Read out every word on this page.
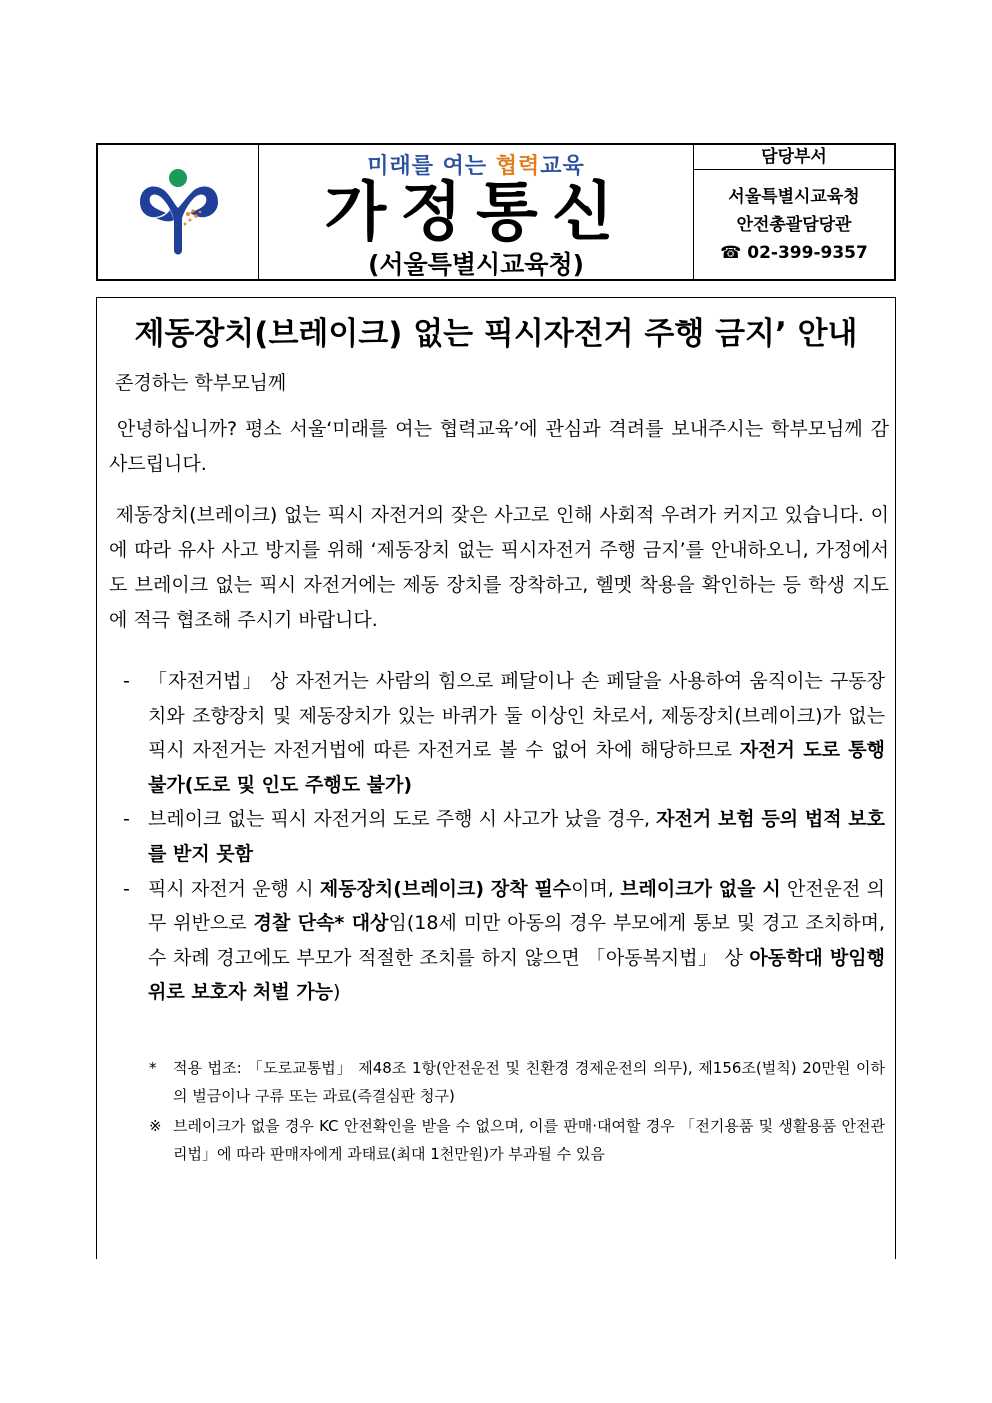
미래를 여는 협력교육
가정통신
(서울특별시교육청)
담당부서
서울특별시교육청
안전총괄담당관
☎ 02-399-9357
제동장치(브레이크) 없는 픽시자전거 주행 금지’ 안내
존경하는 학부모님께
안녕하십니까? 평소 서울‘미래를 여는 협력교육’에 관심과 격려를 보내주시는 학부모님께 감사드립니다.
제동장치(브레이크) 없는 픽시 자전거의 잦은 사고로 인해 사회적 우려가 커지고 있습니다. 이에 따라 유사 사고 방지를 위해 ‘제동장치 없는 픽시자전거 주행 금지’를 안내하오니, 가정에서도 브레이크 없는 픽시 자전거에는 제동 장치를 장착하고, 헬멧 착용을 확인하는 등 학생 지도에 적극 협조해 주시기 바랍니다.
- 「자전거법」 상 자전거는 사람의 힘으로 페달이나 손 페달을 사용하여 움직이는 구동장치와 조향장치 및 제동장치가 있는 바퀴가 둘 이상인 차로서, 제동장치(브레이크)가 없는 픽시 자전거는 자전거법에 따른 자전거로 볼 수 없어 차에 해당하므로 자전거 도로 통행 불가(도로 및 인도 주행도 불가)
- 브레이크 없는 픽시 자전거의 도로 주행 시 사고가 났을 경우, 자전거 보험 등의 법적 보호를 받지 못함
- 픽시 자전거 운행 시 제동장치(브레이크) 장착 필수이며, 브레이크가 없을 시 안전운전 의무 위반으로 경찰 단속* 대상임(18세 미만 아동의 경우 부모에게 통보 및 경고 조치하며, 수 차례 경고에도 부모가 적절한 조치를 하지 않으면 「아동복지법」 상 아동학대 방임행위로 보호자 처벌 가능)
* 적용 법조: 「도로교통법」 제48조 1항(안전운전 및 친환경 경제운전의 의무), 제156조(벌칙) 20만원 이하의 벌금이나 구류 또는 과료(즉결심판 청구)
※ 브레이크가 없을 경우 KC 안전확인을 받을 수 없으며, 이를 판매·대여할 경우 「전기용품 및 생활용품 안전관리법」에 따라 판매자에게 과태료(최대 1천만원)가 부과될 수 있음
